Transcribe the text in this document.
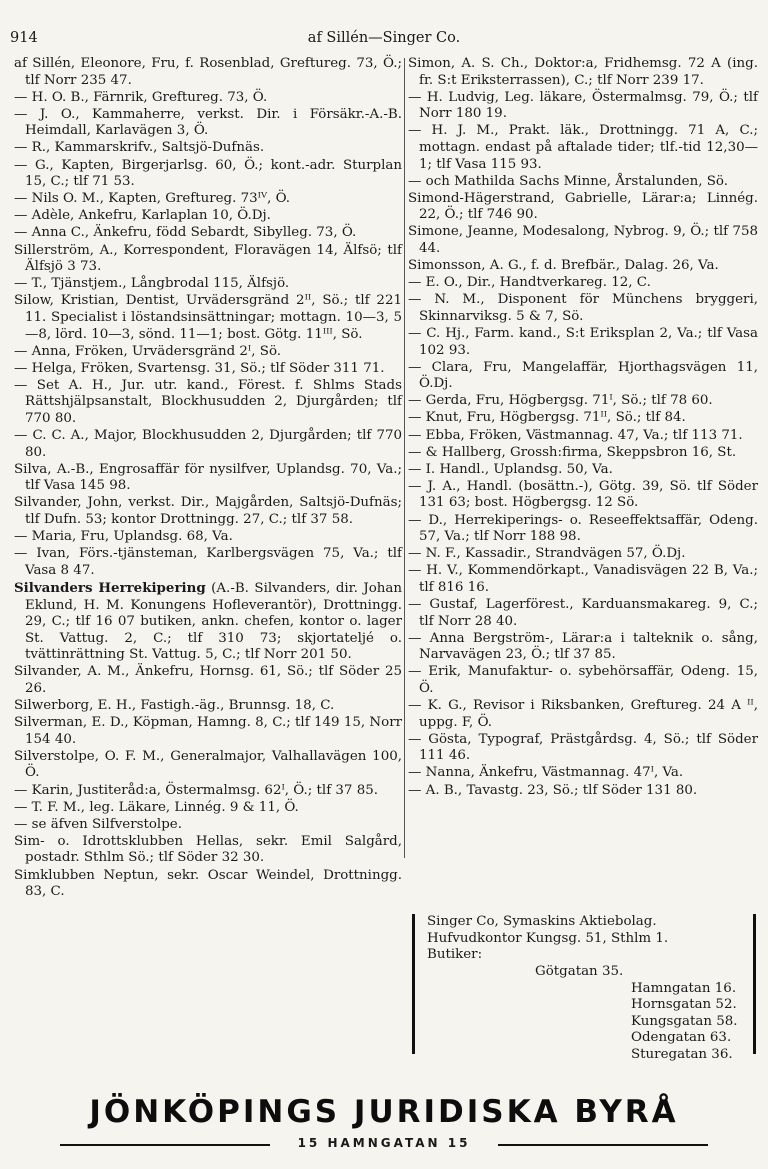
914	af Sillén—Singer Co.
af Sillén, Eleonore, Fru, f. Rosenblad, Greftureg. 73, Ö.; tlf Norr 235 47.
— H. O. B., Färnrik, Greftureg. 73, Ö.
— J. O., Kammaherre, verkst. Dir. i Försäkr.-A.-B. Heimdall, Karlavägen 3, Ö.
— R., Kammarskrifv., Saltsjö-Dufnäs.
— G., Kapten, Birgerjarlsg. 60, Ö.; kont.-adr. Sturplan 15, C.; tlf 71 53.
— Nils O. M., Kapten, Greftureg. 73ᴵⱽ, Ö.
— Adèle, Ankefru, Karlaplan 10, Ö.Dj.
— Anna C., Änkefru, född Sebardt, Sibylleg. 73, Ö.
Sillerström, A., Korrespondent, Floravägen 14, Älfsö; tlf Älfsjö 3 73.
— T., Tjänstjem., Långbrodal 115, Älfsjö.
Silow, Kristian, Dentist, Urvädersgränd 2ᴵᴵ, Sö.; tlf 221 11. Specialist i löstandsinsättningar; mottagn. 10—3, 5—8, lörd. 10—3, sönd. 11—1; bost. Götg. 11ᴵᴵᴵ, Sö.
— Anna, Fröken, Urvädersgränd 2ᴵ, Sö.
— Helga, Fröken, Svartensg. 31, Sö.; tlf Söder 311 71.
— Set A. H., Jur. utr. kand., Förest. f. Shlms Stads Rättshjälpsanstalt, Blockhusudden 2, Djurgården; tlf 770 80.
— C. C. A., Major, Blockhusudden 2, Djurgården; tlf 770 80.
Silva, A.-B., Engrosaffär för nysilfver, Uplandsg. 70, Va.; tlf Vasa 145 98.
Silvander, John, verkst. Dir., Majgården, Saltsjö-Dufnäs; tlf Dufn. 53; kontor Drottningg. 27, C.; tlf 37 58.
— Maria, Fru, Uplandsg. 68, Va.
— Ivan, Förs.-tjänsteman, Karlbergsvägen 75, Va.; tlf Vasa 8 47.
Silvanders Herrekipering (A.-B. Silvanders, dir. Johan Eklund, H. M. Konungens Hofleverantör), Drottningg. 29, C.; tlf 16 07 butiken, ankn. chefen, kontor o. lager St. Vattug. 2, C.; tlf 310 73; skjortatelјé o. tvättinrättning St. Vattug. 5, C.; tlf Norr 201 50.
Silvander, A. M., Änkefru, Hornsg. 61, Sö.; tlf Söder 25 26.
Silwerborg, E. H., Fastigh.-äg., Brunnsg. 18, C.
Silverman, E. D., Köpman, Hamng. 8, C.; tlf 149 15, Norr 154 40.
Silverstolpe, O. F. M., Generalmajor, Valhallavägen 100, Ö.
— Karin, Justiteråd:a, Östermalmsg. 62ᴵ, Ö.; tlf 37 85.
— T. F. M., leg. Läkare, Linnég. 9 & 11, Ö.
— se äfven Silfverstolpe.
Sim- o. Idrottsklubben Hellas, sekr. Emil Salgård, postadr. Sthlm Sö.; tlf Söder 32 30.
Simklubben Neptun, sekr. Oscar Weindel, Drottningg. 83, C.
Simon, A. S. Ch., Doktor:a, Fridhemsg. 72 A (ing. fr. S:t Eriksterrassen), C.; tlf Norr 239 17.
— H. Ludvig, Leg. läkare, Östermalmsg. 79, Ö.; tlf Norr 180 19.
— H. J. M., Prakt. läk., Drottningg. 71 A, C.; mottagn. endast på aftalade tider; tlf.-tid 12,30—1; tlf Vasa 115 93.
— och Mathilda Sachs Minne, Årstalunden, Sö.
Simond-Hägerstrand, Gabrielle, Lärar:a; Linnég. 22, Ö.; tlf 746 90.
Simone, Jeanne, Modesalong, Nybrog. 9, Ö.; tlf 758 44.
Simonsson, A. G., f. d. Brefbär., Dalag. 26, Va.
— E. O., Dir., Handtverkareg. 12, C.
— N. M., Disponent för Münchens bryggeri, Skinnarviksg. 5 & 7, Sö.
— C. Hj., Farm. kand., S:t Eriksplan 2, Va.; tlf Vasa 102 93.
— Clara, Fru, Mangelaffär, Hjorthagsvägen 11, Ö.Dj.
— Gerda, Fru, Högbergsg. 71ᴵ, Sö.; tlf 78 60.
— Knut, Fru, Högbergsg. 71ᴵᴵ, Sö.; tlf 84.
— Ebba, Fröken, Västmannag. 47, Va.; tlf 113 71.
— & Hallberg, Grossh:firma, Skeppsbron 16, St.
— I. Handl., Uplandsg. 50, Va.
— J. A., Handl. (bosättn.-), Götg. 39, Sö. tlf Söder 131 63; bost. Högbergsg. 12 Sö.
— D., Herrekiperings- o. Reseeffektsaffär, Odeng. 57, Va.; tlf Norr 188 98.
— N. F., Kassadir., Strandvägen 57, Ö.Dj.
— H. V., Kommendörkapt., Vanadisvägen 22 B, Va.; tlf 816 16.
— Gustaf, Lagerförest., Karduansmakareg. 9, C.; tlf Norr 28 40.
— Anna Bergström-, Lärar:a i talteknik o. sång, Narvavägen 23, Ö.; tlf 37 85.
— Erik, Manufaktur- o. sybehörsaffär, Odeng. 15, Ö.
— K. G., Revisor i Riksbanken, Greftureg. 24 A ᴵᴵ, uppg. F, Ö.
— Gösta, Typograf, Prästgårdsg. 4, Sö.; tlf Söder 111 46.
— Nanna, Änkefru, Västmannag. 47ᴵ, Va.
— A. B., Tavastg. 23, Sö.; tlf Söder 131 80.
Singer Co, Symaskins Aktiebolag.
Hufvudkontor Kungsg. 51, Sthlm 1.
Butiker:
Götgatan 35.
Hamngatan 16.
Hornsgatan 52.
Kungsgatan 58.
Odengatan 63.
Sturegatan 36.
JÖNKÖPINGS JURIDISKA BYRÅ
15 HAMNGATAN 15
